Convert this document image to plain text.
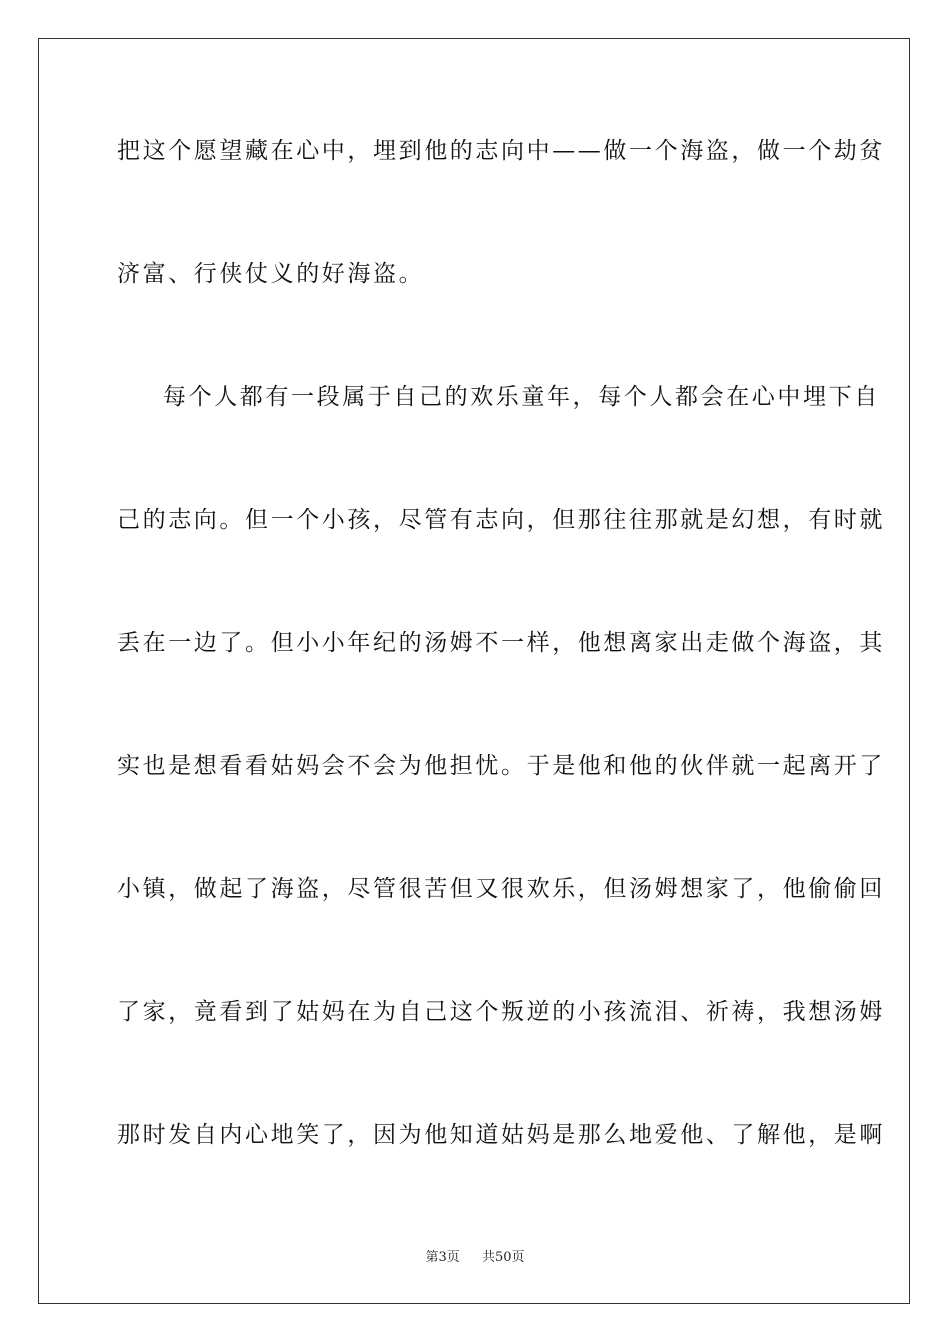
把这个愿望藏在心中，埋到他的志向中——做一个海盗，做一个劫贫
济富、行侠仗义的好海盗。
每个人都有一段属于自己的欢乐童年，每个人都会在心中埋下自
己的志向。但一个小孩，尽管有志向，但那往往那就是幻想，有时就
丢在一边了。但小小年纪的汤姆不一样，他想离家出走做个海盗，其
实也是想看看姑妈会不会为他担忧。于是他和他的伙伴就一起离开了
小镇，做起了海盗，尽管很苦但又很欢乐，但汤姆想家了，他偷偷回
了家，竟看到了姑妈在为自己这个叛逆的小孩流泪、祈祷，我想汤姆
那时发自内心地笑了，因为他知道姑妈是那么地爱他、了解他，是啊
第3页 共50页
